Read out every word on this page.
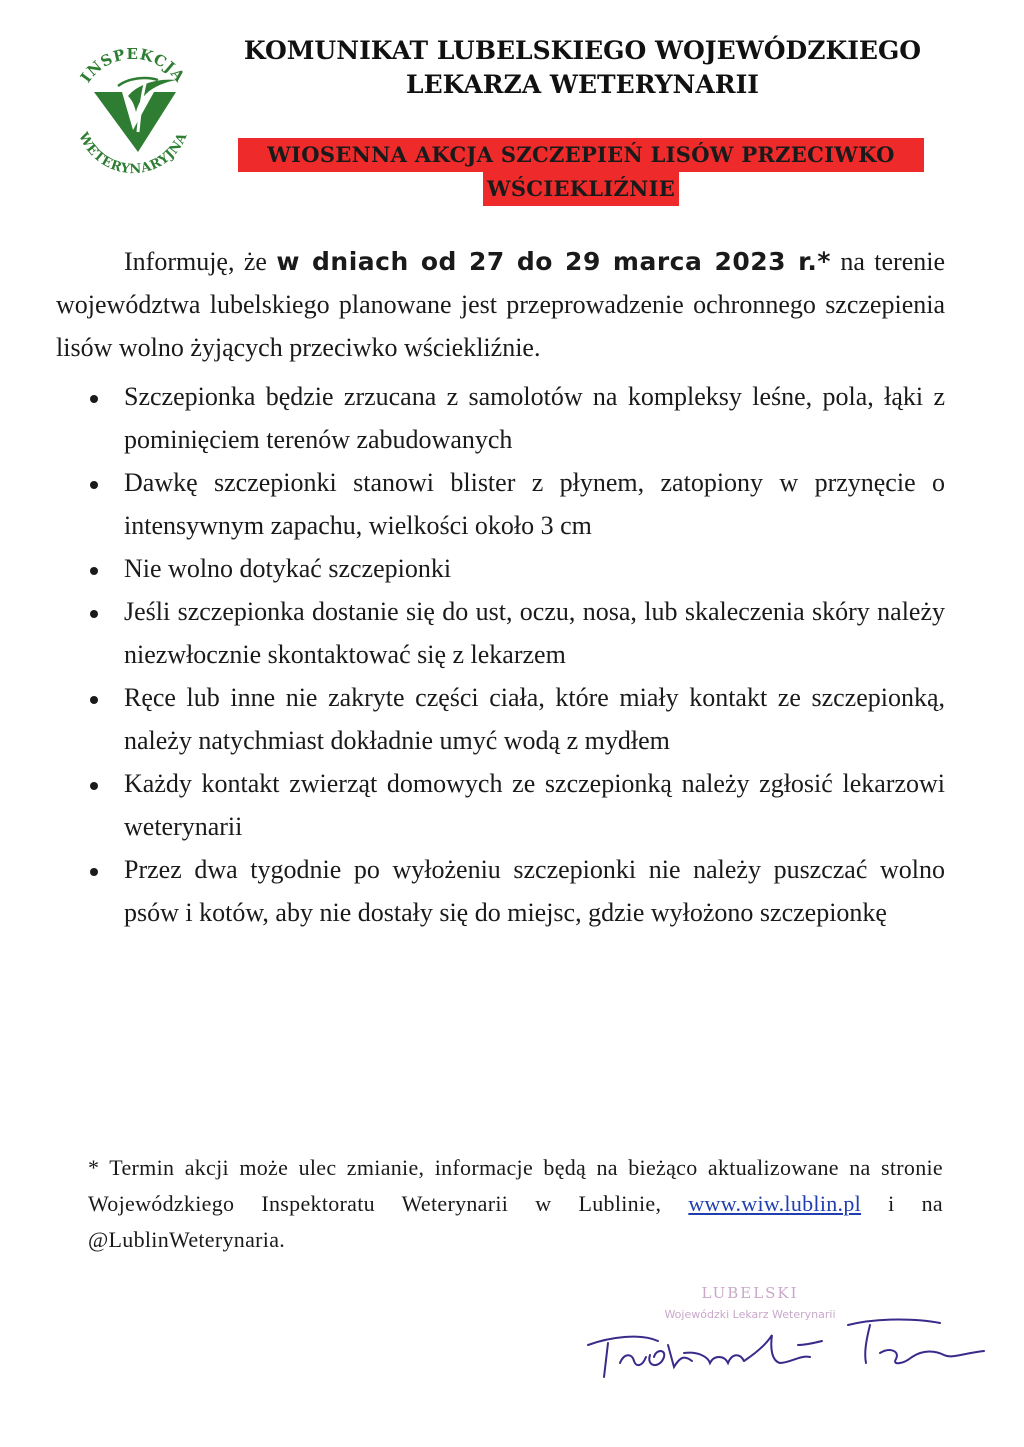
INSPEKCJA
WETERYNARYJNA
KOMUNIKAT LUBELSKIEGO WOJEWÓDZKIEGO
LEKARZA WETERYNARII
WIOSENNA AKCJA SZCZEPIEŃ LISÓW PRZECIWKO
WŚCIEKLIŹNIE

Informuję, że w dniach od 27 do 29 marca 2023 r.* na terenie województwa lubelskiego planowane jest przeprowadzenie ochronnego szczepienia lisów wolno żyjących przeciwko wściekliźnie.

Szczepionka będzie zrzucana z samolotów na kompleksy leśne, pola, łąki z pominięciem terenów zabudowanych
Dawkę szczepionki stanowi blister z płynem, zatopiony w przynęcie o intensywnym zapachu, wielkości około 3 cm
Nie wolno dotykać szczepionki
Jeśli szczepionka dostanie się do ust, oczu, nosa, lub skaleczenia skóry należy niezwłocznie skontaktować się z lekarzem
Ręce lub inne nie zakryte części ciała, które miały kontakt ze szczepionką, należy natychmiast dokładnie umyć wodą z mydłem
Każdy kontakt zwierząt domowych ze szczepionką należy zgłosić lekarzowi weterynarii
Przez dwa tygodnie po wyłożeniu szczepionki nie należy puszczać wolno psów i kotów, aby nie dostały się do miejsc, gdzie wyłożono szczepionkę
* Termin akcji może ulec zmianie, informacje będą na bieżąco aktualizowane na stronie Wojewódzkiego Inspektoratu Weterynarii w Lublinie, www.wiw.lublin.pl i na @LublinWeterynaria.
LUBELSKI
Wojewódzki Lekarz Weterynarii
